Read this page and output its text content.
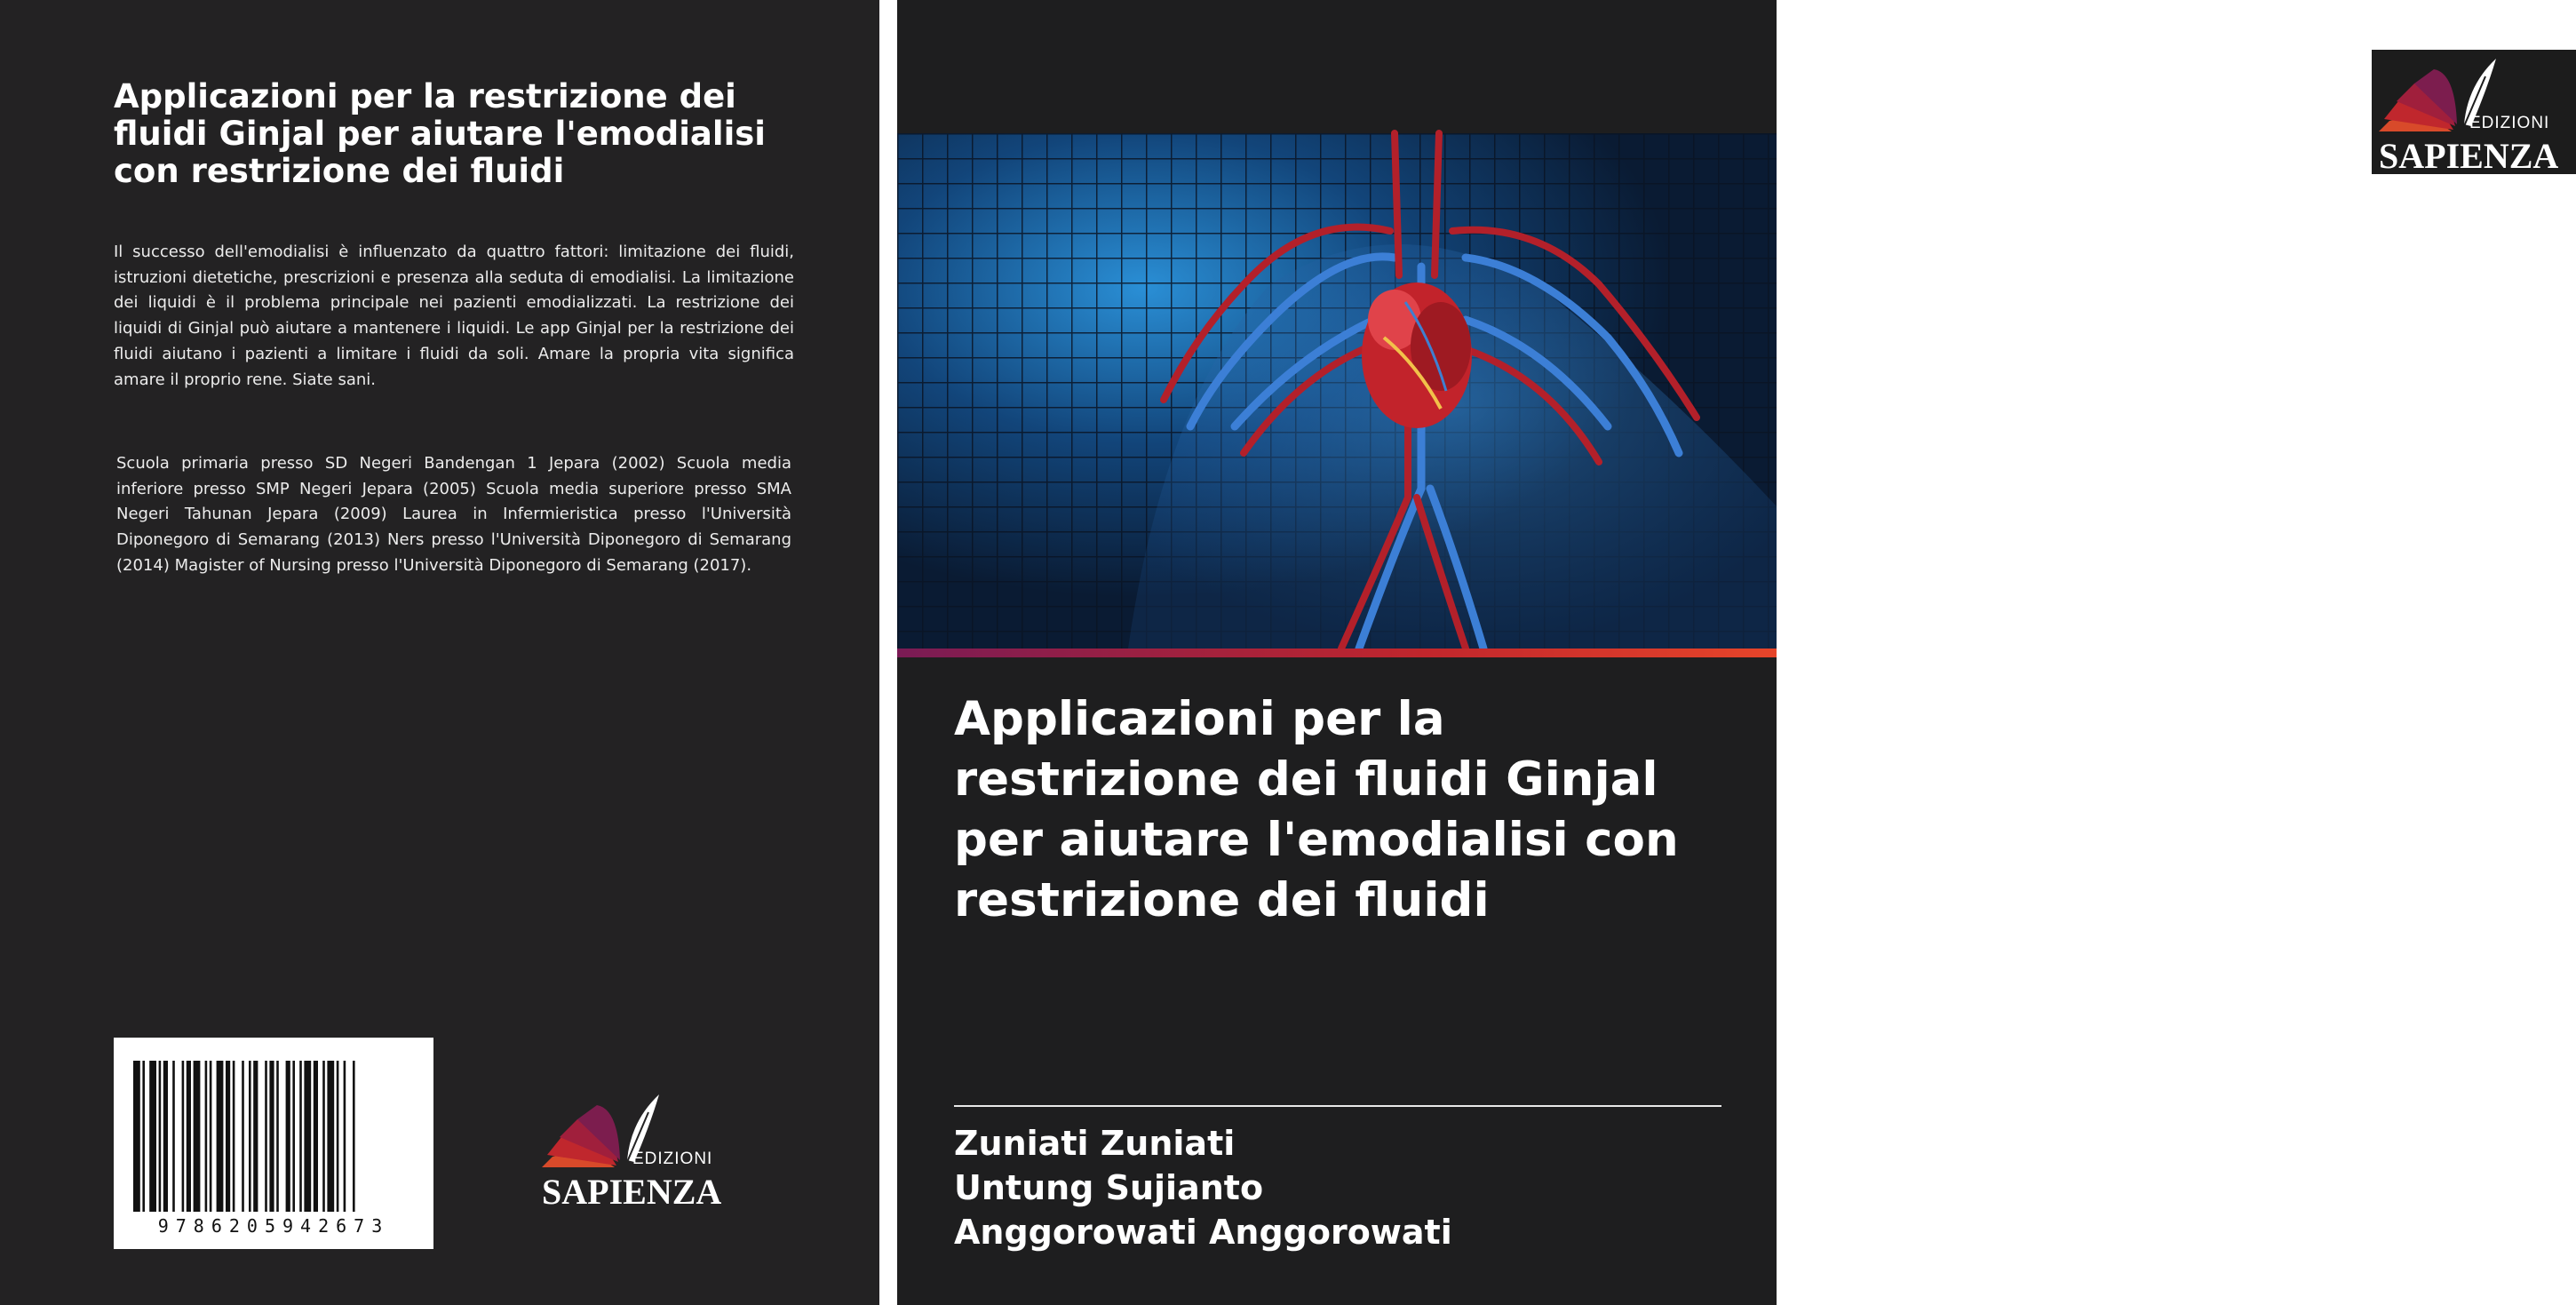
Applicazioni per la restrizione dei fluidi Ginjal per aiutare l'emodialisi con restrizione dei fluidi

Il successo dell'emodialisi è influenzato da quattro fattori: limitazione dei fluidi, istruzioni dietetiche, prescrizioni e presenza alla seduta di emodialisi. La limitazione dei liquidi è il problema principale nei pazienti emodializzati. La restrizione dei liquidi di Ginjal può aiutare a mantenere i liquidi. Le app Ginjal per la restrizione dei fluidi aiutano i pazienti a limitare i fluidi da soli. Amare la propria vita significa amare il proprio rene. Siate sani.

Scuola primaria presso SD Negeri Bandengan 1 Jepara (2002) Scuola media inferiore presso SMP Negeri Jepara (2005) Scuola media superiore presso SMA Negeri Tahunan Jepara (2009) Laurea in Infermieristica presso l'Università Diponegoro di Semarang (2013) Ners presso l'Università Diponegoro di Semarang (2014) Magister of Nursing presso l'Università Diponegoro di Semarang (2017).

9786205942673
EDIZIONI
SAPIENZA
EDIZIONI
SAPIENZA
Applicazioni per la restrizione dei fluidi Ginjal per aiutare l'emodialisi con restrizione dei fluidi
Zuniati Zuniati
Untung Sujianto
Anggorowati Anggorowati
